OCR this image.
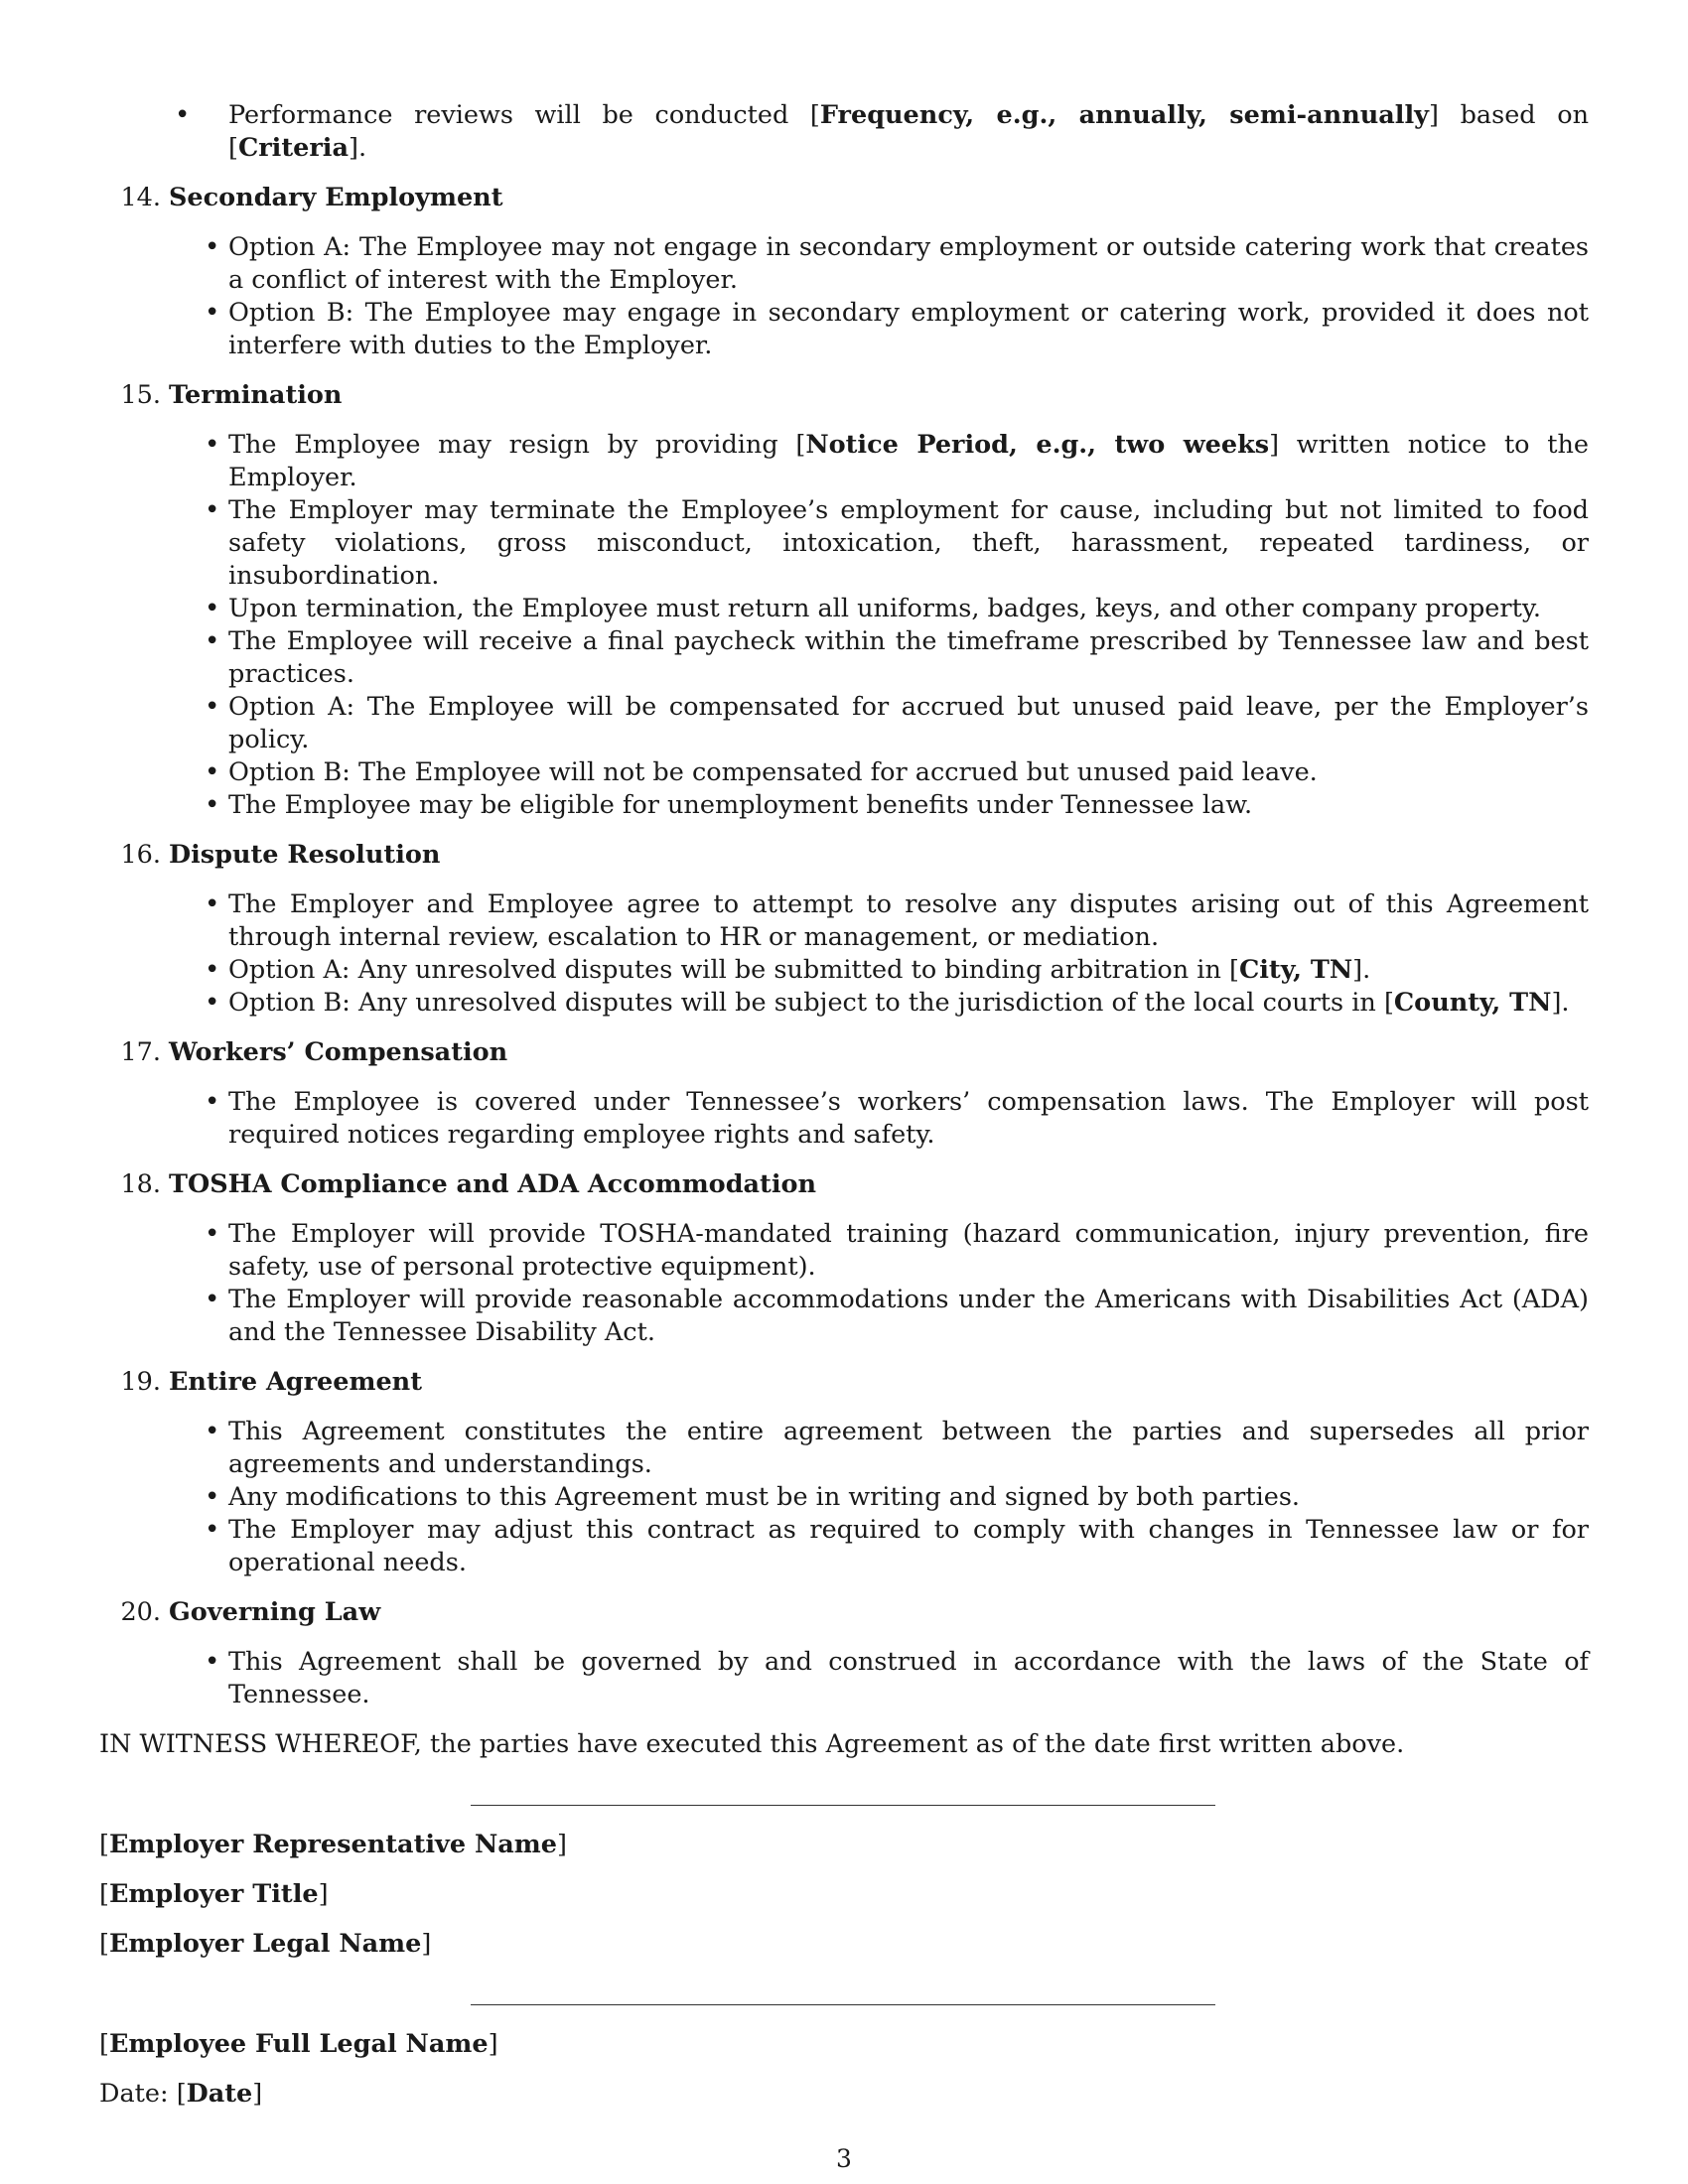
• Performance reviews will be conducted [Frequency, e.g., annually, semi-annually] based on [Criteria].
14. Secondary Employment
• Option A: The Employee may not engage in secondary employment or outside catering work that creates a conflict of interest with the Employer.
• Option B: The Employee may engage in secondary employment or catering work, provided it does not interfere with duties to the Employer.
15. Termination
• The Employee may resign by providing [Notice Period, e.g., two weeks] written notice to the Employer.
• The Employer may terminate the Employee’s employment for cause, including but not limited to food safety violations, gross misconduct, intoxication, theft, harassment, repeated tardiness, or insubordination.
• Upon termination, the Employee must return all uniforms, badges, keys, and other company property.
• The Employee will receive a final paycheck within the timeframe prescribed by Tennessee law and best practices.
• Option A: The Employee will be compensated for accrued but unused paid leave, per the Employer’s policy.
• Option B: The Employee will not be compensated for accrued but unused paid leave.
• The Employee may be eligible for unemployment benefits under Tennessee law.
16. Dispute Resolution
• The Employer and Employee agree to attempt to resolve any disputes arising out of this Agreement through internal review, escalation to HR or management, or mediation.
• Option A: Any unresolved disputes will be submitted to binding arbitration in [City, TN].
• Option B: Any unresolved disputes will be subject to the jurisdiction of the local courts in [County, TN].
17. Workers’ Compensation
• The Employee is covered under Tennessee’s workers’ compensation laws. The Employer will post required notices regarding employee rights and safety.
18. TOSHA Compliance and ADA Accommodation
• The Employer will provide TOSHA-mandated training (hazard communication, injury prevention, fire safety, use of personal protective equipment).
• The Employer will provide reasonable accommodations under the Americans with Disabilities Act (ADA) and the Tennessee Disability Act.
19. Entire Agreement
• This Agreement constitutes the entire agreement between the parties and supersedes all prior agreements and understandings.
• Any modifications to this Agreement must be in writing and signed by both parties.
• The Employer may adjust this contract as required to comply with changes in Tennessee law or for operational needs.
20. Governing Law
• This Agreement shall be governed by and construed in accordance with the laws of the State of Tennessee.
IN WITNESS WHEREOF, the parties have executed this Agreement as of the date first written above.
[Employer Representative Name]
[Employer Title]
[Employer Legal Name]
[Employee Full Legal Name]
Date: [Date]
3
